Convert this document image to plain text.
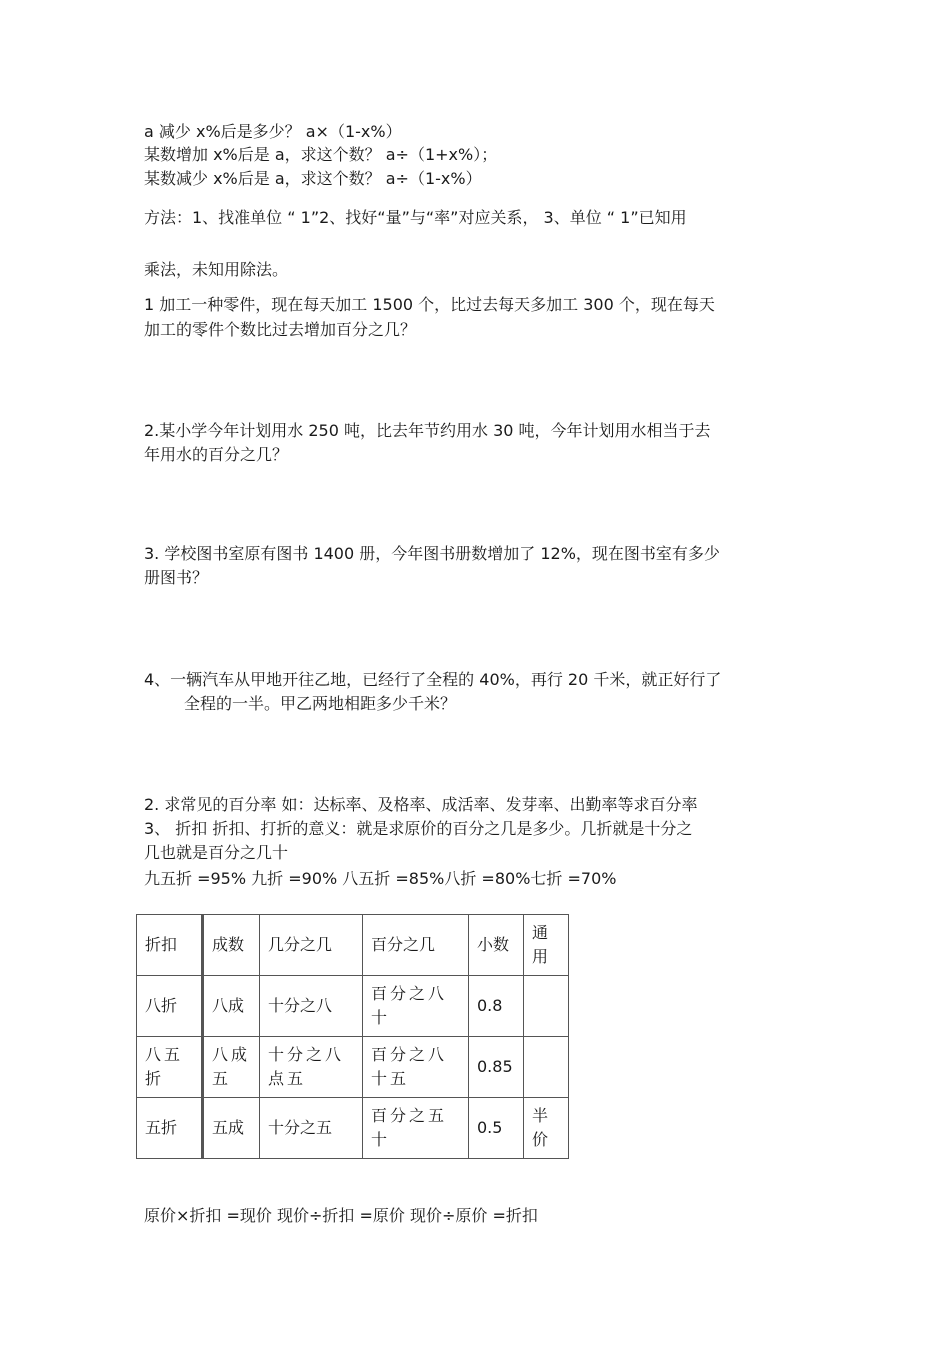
a 减少 x%后是多少？ a×（1-x%）
某数增加 x%后是 a，求这个数？ a÷（1+x%）；
某数减少 x%后是 a，求这个数？ a÷（1-x%）
方法：1、找准单位 “ 1”2、找好“量”与“率”对应关系， 3、单位 “ 1”已知用
乘法，未知用除法。
1 加工一种零件，现在每天加工 1500 个，比过去每天多加工 300 个，现在每天
加工的零件个数比过去增加百分之几？
2.某小学今年计划用水 250 吨，比去年节约用水 30 吨，今年计划用水相当于去
年用水的百分之几？
3. 学校图书室原有图书 1400 册，今年图书册数增加了 12%，现在图书室有多少
册图书？
4、一辆汽车从甲地开往乙地，已经行了全程的 40%，再行 20 千米，就正好行了
全程的一半。甲乙两地相距多少千米？
2. 求常见的百分率 如：达标率、及格率、成活率、发芽率、出勤率等求百分率
3、 折扣 折扣、打折的意义：就是求原价的百分之几是多少。几折就是十分之
几也就是百分之几十
九五折 =95% 九折 =90% 八五折 =85%八折 =80%七折 =70%
折扣	成数	几分之几	百分之几	小数	通用
八折	八成	十分之八	百分之八十	0.8	
八五折	八成五	十分之八点五	百分之八十五	0.85	
五折	五成	十分之五	百分之五十	0.5	半价
原价×折扣 =现价 现价÷折扣 =原价 现价÷原价 =折扣
